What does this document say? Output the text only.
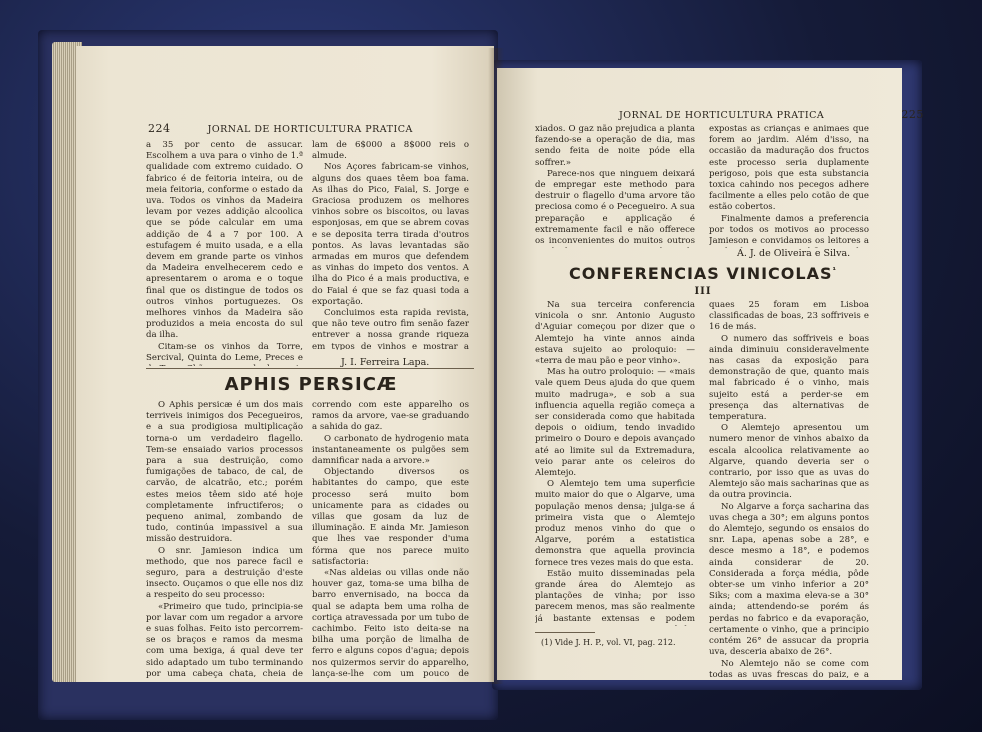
224	JORNAL DE HORTICULTURA PRATICA

a 35 por cento de assucar. Escolhem a uva para o vinho de 1.ª qualidade com extremo cuidado. O fabrico é de feitoria inteira, ou de meia feitoria, conforme o estado da uva. Todos os vinhos da Madeira levam por vezes addição alcoolica que se póde calcular em uma addição de 4 a 7 por 100. A estufagem é muito usada, e a ella devem em grande parte os vinhos da Madeira envelhecerem cedo e apresentarem o aroma e o toque final que os distingue de todos os outros vinhos portuguezes. Os melhores vinhos da Madeira são produzidos a meia encosta do sul da ilha.

Citam-se os vinhos da Torre, Sercival, Quinta do Leme, Preces e

lam de 6$000 a 8$000 reis o almude.

Nos Açores fabricam-se vinhos, alguns dos quaes têem boa fama. As ilhas do Pico, Faial, S. Jorge e Graciosa produzem os melhores vinhos sobre os biscoitos, ou lavas esponjosas, em que se abrem covas e se deposita terra tirada d'outros pontos. As lavas levantadas são armadas em muros que defendem as vinhas do impeto dos ventos. A ilha do Pico é a mais productiva, e do Faial é que se faz quasi toda a exportação.

Concluimos esta rapida revista, que não teve outro fim senão fazer entrever a nossa grande riqueza em typos de vinhos e mostrar a

J. I. Ferreira Lapa.
APHIS PERSICÆ

O Aphis persicæ é um dos mais terriveis inimigos dos Pecegueiros, e a sua prodigiosa multiplicação torna-o um verdadeiro flagello. Tem-se ensaiado varios processos para a sua destruição, como fumigações de tabaco, de cal, de carvão, de alcatrão, etc.; porém estes meios têem sido até hoje completamente infructiferos; o pequeno animal, zombando de tudo, continúa impassivel a sua missão destruidora.

O snr. Jamieson indica um methodo, que nos parece facil e seguro, para a destruição d'este insecto. Ouçamos o que elle nos diz a respeito do seu processo:

«Primeiro que tudo, principia-se por lavar com um regador a arvore e suas folhas. Feito isto percorrem-se os braços e ramos da mesma com uma bexiga, á qual deve ter sido adaptado um tubo terminando por uma cabeça chata, cheia de

correndo com este apparelho os ramos da arvore, vae-se graduando a sahida do gaz.

O carbonato de hydrogenio mata instantaneamente os pulgões sem damnificar nada a arvore.»

Objectando diversos os habitantes do campo, que este processo será muito bom unicamente para as cidades ou villas que gosam da luz de illuminação. E ainda Mr. Jamieson que lhes vae responder d'uma fórma que nos parece muito satisfactoria:

«Nas aldeias ou villas onde não houver gaz, toma-se uma bilha de barro envernisado, na bocca da qual se adapta bem uma rolha de cortiça atravessada por um tubo de cachimbo. Feito isto deita-se na bilha uma porção de limalha de ferro e alguns copos d'agua; depois nos quizermos servir do apparelho, lança-se-lhe com um pouco de

JORNAL DE HORTICULTURA PRATICA	225

xiados. O gaz não prejudica a planta fazendo-se a operação de dia, mas sendo feita de noite póde ella soffrer.»

Parece-nos que ninguem deixará de empregar este methodo para destruir o flagello d'uma arvore tão preciosa como é o Pecegueiro. A sua preparação e applicação é extremamente facil e não offerece os inconvenientes do muitos outros

expostas as crianças e animaes que forem ao jardim. Além d'isso, na occasião da maduração dos fructos este processo seria duplamente perigoso, pois que esta substancia toxica cahindo nos pecegos adhere facilmente a elles pelo cotão de que estão cobertos.

Finalmente damos a preferencia por todos os motivos ao processo Jamieson e convidamos os leitores a

A. J. de Oliveira e Silva.
CONFERENCIAS $VINICOLAS^{^1}$
III

Na sua terceira conferencia vinicola o snr. Antonio Augusto d'Aguiar começou por dizer que o Alemtejo ha vinte annos ainda estava sujeito ao proloquio: — «terra de mau pão e peor vinho».

Mas ha outro proloquio: — «mais vale quem Deus ajuda do que quem muito madruga», e sob a sua influencia aquella região começa a ser considerada como que habitada depois o oidium, tendo invadido primeiro o Douro e depois avançado até ao limite sul da Extremadura, veio parar ante os celeiros do Alemtejo.

O Alemtejo tem uma superficie muito maior do que o Algarve, uma população menos densa; julga-se á primeira vista que o Alemtejo produz menos vinho do que o Algarve, porém a estatistica demonstra que aquella provincia fornece tres vezes mais do que esta.

Estão muito disseminadas pela grande área do Alemtejo as plantações de vinha; por isso parecem menos, mas são realmente já bastante extensas e podem

quaes 25 foram em Lisboa classificadas de boas, 23 soffriveis e 16 de más.

O numero das soffriveis e boas ainda diminuiu consideravelmente nas casas da exposição para demonstração de que, quanto mais mal fabricado é o vinho, mais sujeito está a perder-se em presença das alternativas de temperatura.

O Alemtejo apresentou um numero menor de vinhos abaixo da escala alcoolica relativamente ao Algarve, quando deveria ser o contrario, por isso que as uvas do Alemtejo são mais sacharinas que as da outra provincia.

No Algarve a força sacharina das uvas chega a 30°; em alguns pontos do Alemtejo, segundo os ensaios do snr. Lapa, apenas sobe a 28°, e desce mesmo a 18°, e podemos ainda considerar de 20. Considerada a força média, pôde obter-se um vinho inferior a 20° Siks; com a maxima eleva-se a 30° ainda; attendendo-se porém ás perdas no fabrico e da evaporação, certamente o vinho, que a principio contém 26° de assucar da propria uva, desceria abaixo de 26°.

No Alemtejo não se come com todas as uvas frescas do paiz, e a

(1) Vide J. H. P., vol. VI, pag. 212.
